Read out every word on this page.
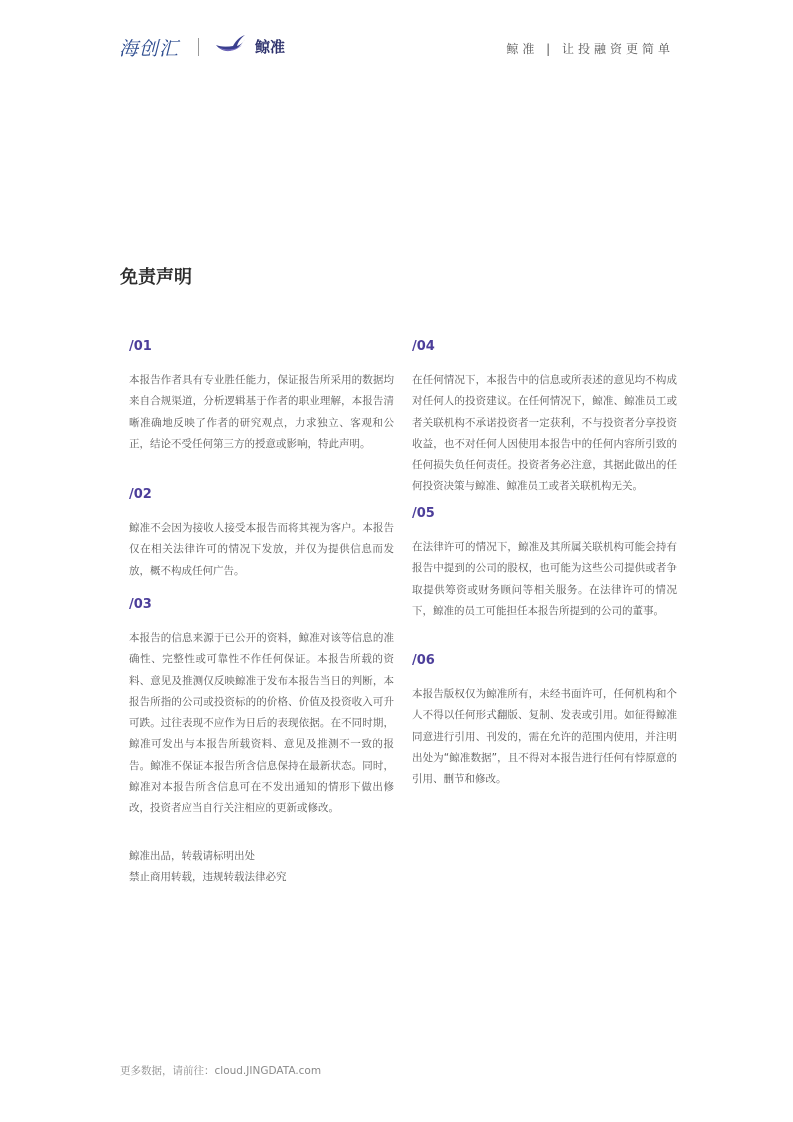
海创汇	鲸准	鲸准 | 让投融资更简单
免责声明

/01

本报告作者具有专业胜任能力，保证报告所采用的数据均来自合规渠道，分析逻辑基于作者的职业理解，本报告清晰准确地反映了作者的研究观点，力求独立、客观和公正，结论不受任何第三方的授意或影响，特此声明。

/02

鲸准不会因为接收人接受本报告而将其视为客户。本报告仅在相关法律许可的情况下发放，并仅为提供信息而发放，概不构成任何广告。

/03

本报告的信息来源于已公开的资料，鲸准对该等信息的准确性、完整性或可靠性不作任何保证。本报告所载的资料、意见及推测仅反映鲸准于发布本报告当日的判断，本报告所指的公司或投资标的的价格、价值及投资收入可升可跌。过往表现不应作为日后的表现依据。在不同时期，鲸准可发出与本报告所载资料、意见及推测不一致的报告。鲸准不保证本报告所含信息保持在最新状态。同时，鲸准对本报告所含信息可在不发出通知的情形下做出修改，投资者应当自行关注相应的更新或修改。

/04

在任何情况下，本报告中的信息或所表述的意见均不构成对任何人的投资建议。在任何情况下，鲸准、鲸准员工或者关联机构不承诺投资者一定获利，不与投资者分享投资收益，也不对任何人因使用本报告中的任何内容所引致的任何损失负任何责任。投资者务必注意，其据此做出的任何投资决策与鲸准、鲸准员工或者关联机构无关。

/05

在法律许可的情况下，鲸准及其所属关联机构可能会持有报告中提到的公司的股权，也可能为这些公司提供或者争取提供筹资或财务顾问等相关服务。在法律许可的情况下，鲸准的员工可能担任本报告所提到的公司的董事。

/06

本报告版权仅为鲸准所有，未经书面许可，任何机构和个人不得以任何形式翻版、复制、发表或引用。如征得鲸准同意进行引用、刊发的，需在允许的范围内使用，并注明出处为“鲸准数据”，且不得对本报告进行任何有悖原意的引用、删节和修改。

鲸准出品，转载请标明出处
禁止商用转载，违规转载法律必究
更多数据，请前往：cloud.JINGDATA.com
